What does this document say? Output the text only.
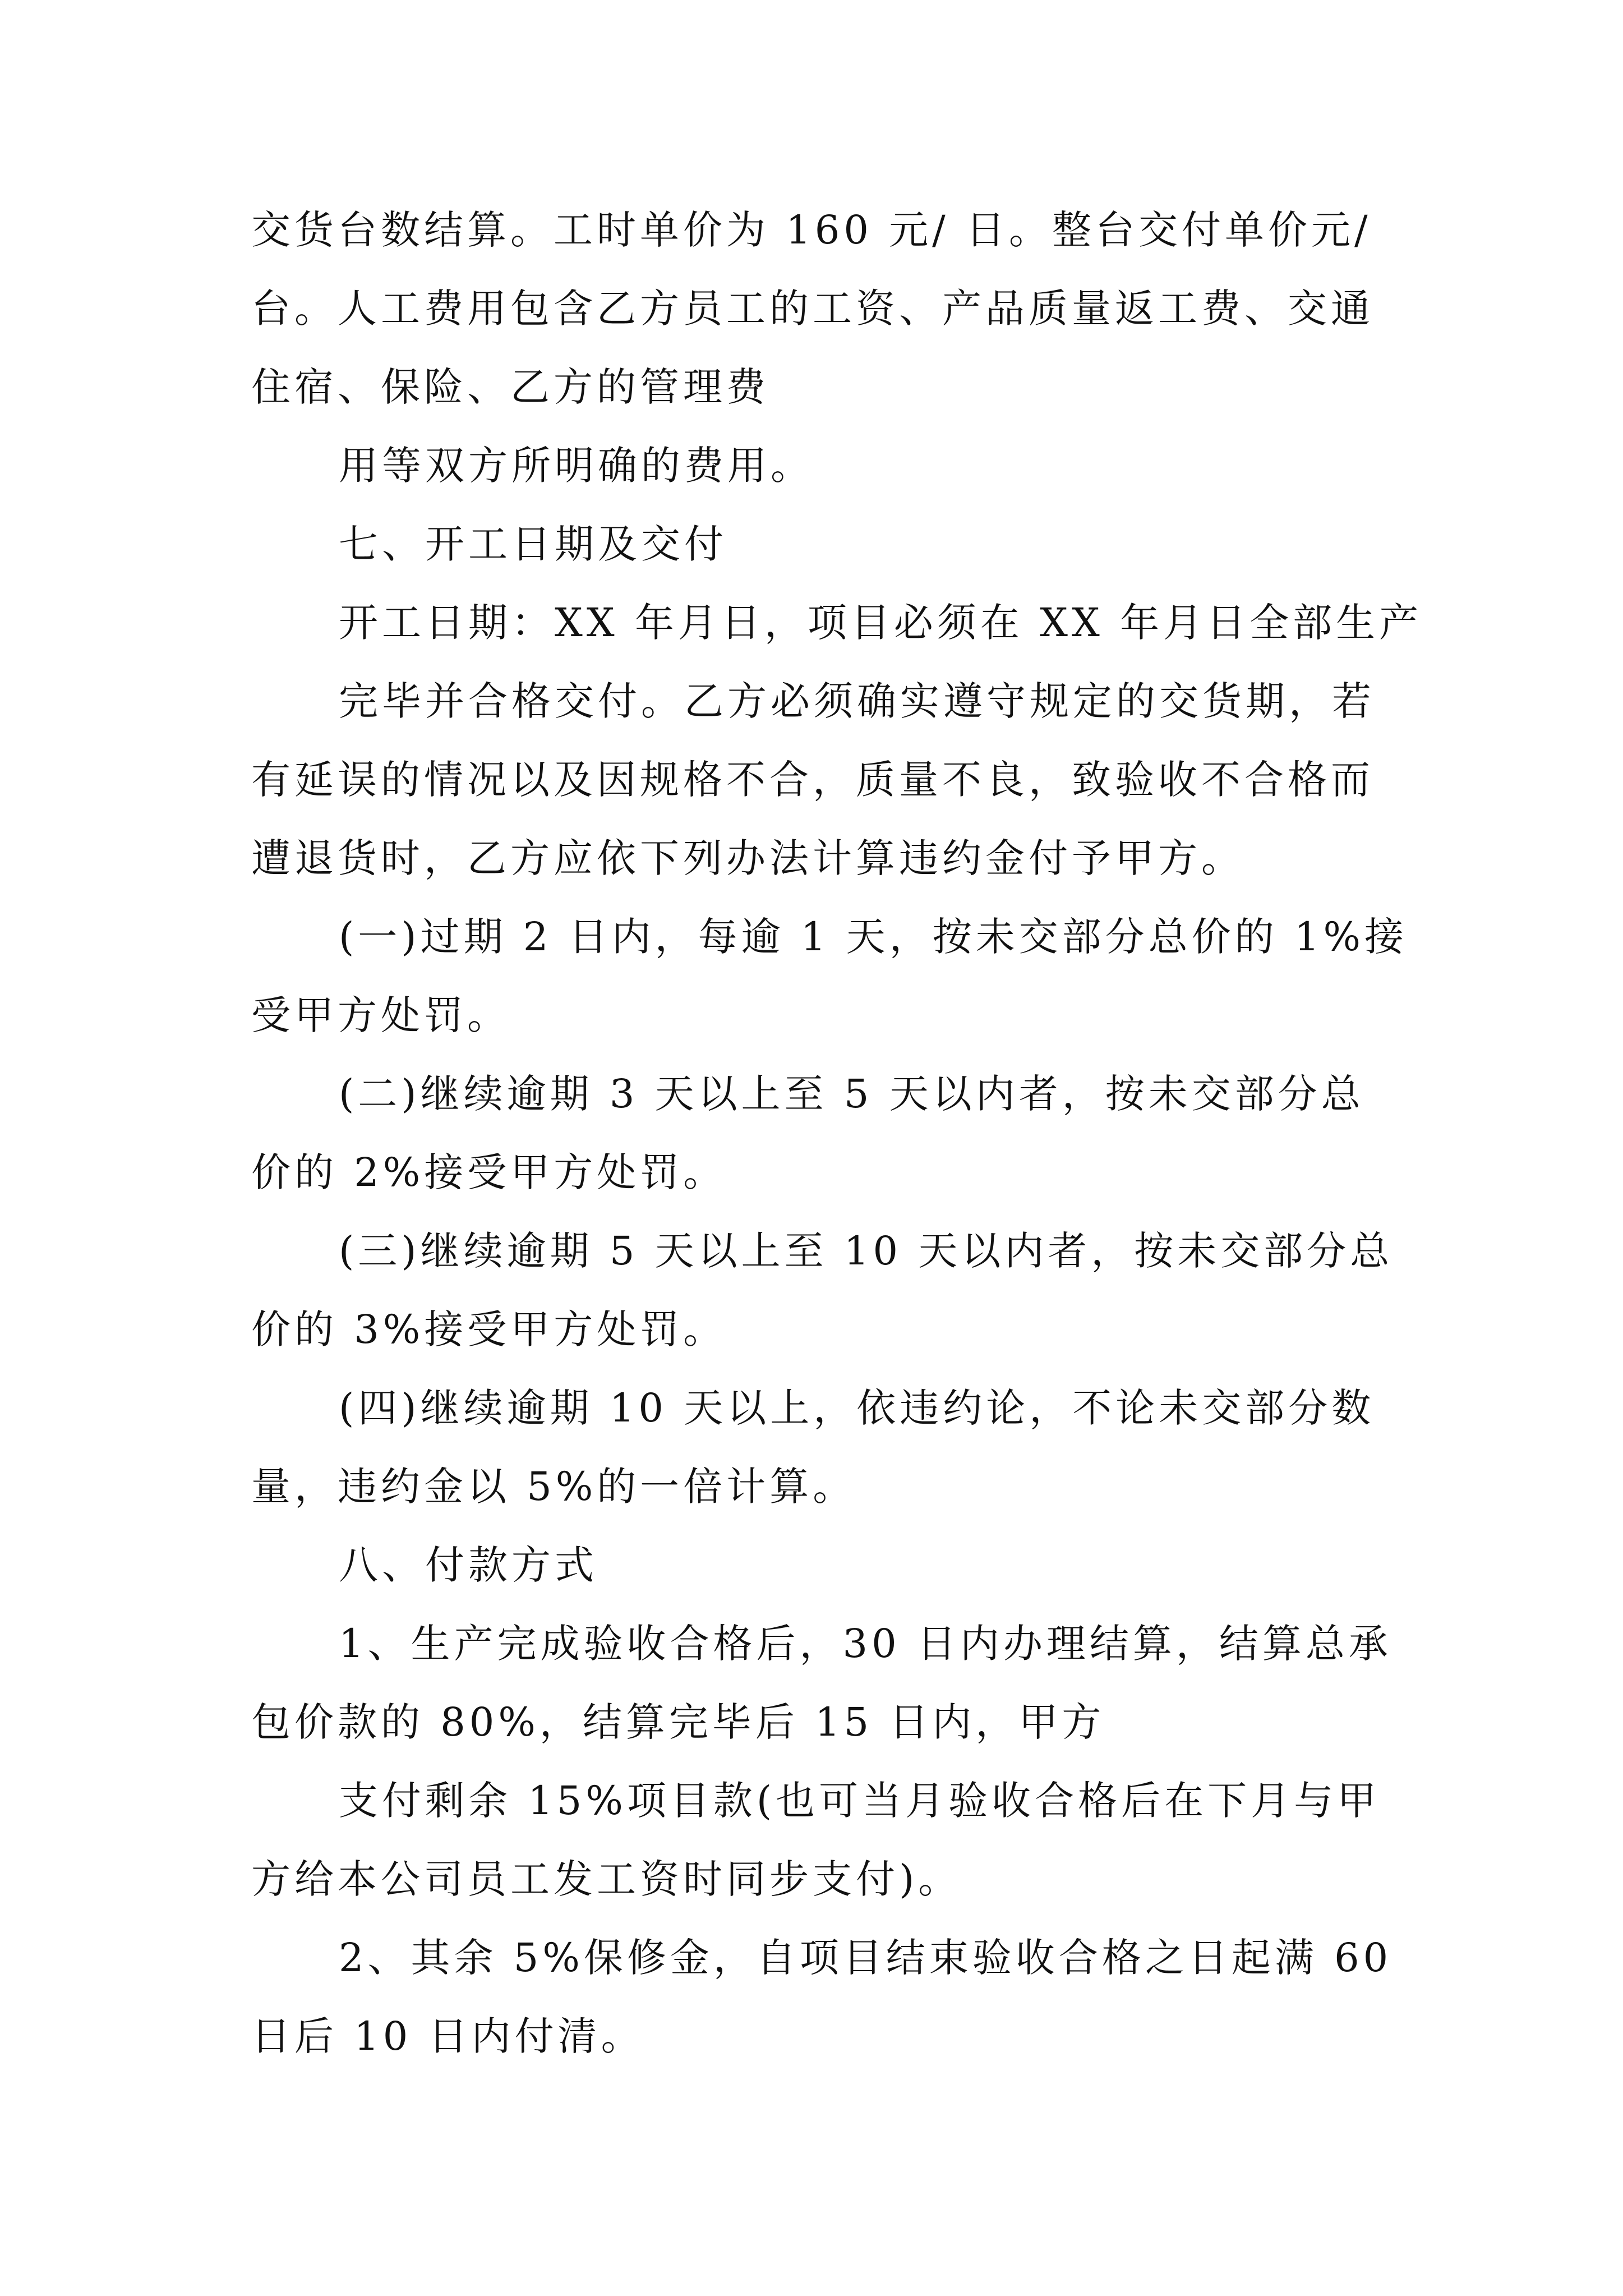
交货台数结算。工时单价为 160 元/ 日。整台交付单价元/
台。人工费用包含乙方员工的工资、产品质量返工费、交通
住宿、保险、乙方的管理费
用等双方所明确的费用。
七、开工日期及交付
开工日期：XX 年月日，项目必须在 XX 年月日全部生产
完毕并合格交付。乙方必须确实遵守规定的交货期，若
有延误的情况以及因规格不合，质量不良，致验收不合格而
遭退货时，乙方应依下列办法计算违约金付予甲方。
(一)过期 2 日内，每逾 1 天，按未交部分总价的 1%接
受甲方处罚。
(二)继续逾期 3 天以上至 5 天以内者，按未交部分总
价的 2%接受甲方处罚。
(三)继续逾期 5 天以上至 10 天以内者，按未交部分总
价的 3%接受甲方处罚。
(四)继续逾期 10 天以上，依违约论，不论未交部分数
量，违约金以 5%的一倍计算。
八、付款方式
1、生产完成验收合格后，30 日内办理结算，结算总承
包价款的 80%，结算完毕后 15 日内，甲方
支付剩余 15%项目款(也可当月验收合格后在下月与甲
方给本公司员工发工资时同步支付)。
2、其余 5%保修金，自项目结束验收合格之日起满 60
日后 10 日内付清。
